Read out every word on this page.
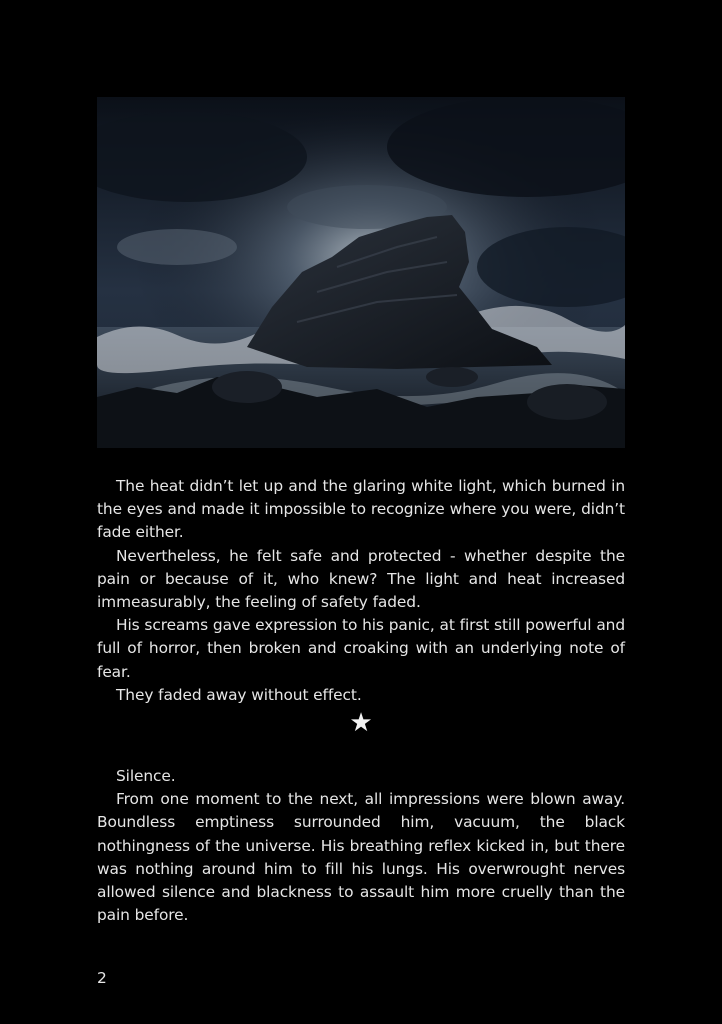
The heat didn’t let up and the glaring white light, which burned in the eyes and made it impossible to recognize where you were, didn’t fade either.

Nevertheless, he felt safe and protected - whether despite the pain or because of it, who knew? The light and heat increased immeasurably, the feeling of safety faded.

His screams gave expression to his panic, at first still powerful and full of horror, then broken and croaking with an underlying note of fear.

They faded away without effect.

★

Silence.

From one moment to the next, all impressions were blown away. Boundless emptiness surrounded him, vacuum, the black nothingness of the universe. His breathing reflex kicked in, but there was nothing around him to fill his lungs. His overwrought nerves allowed silence and blackness to assault him more cruelly than the pain before.

2
